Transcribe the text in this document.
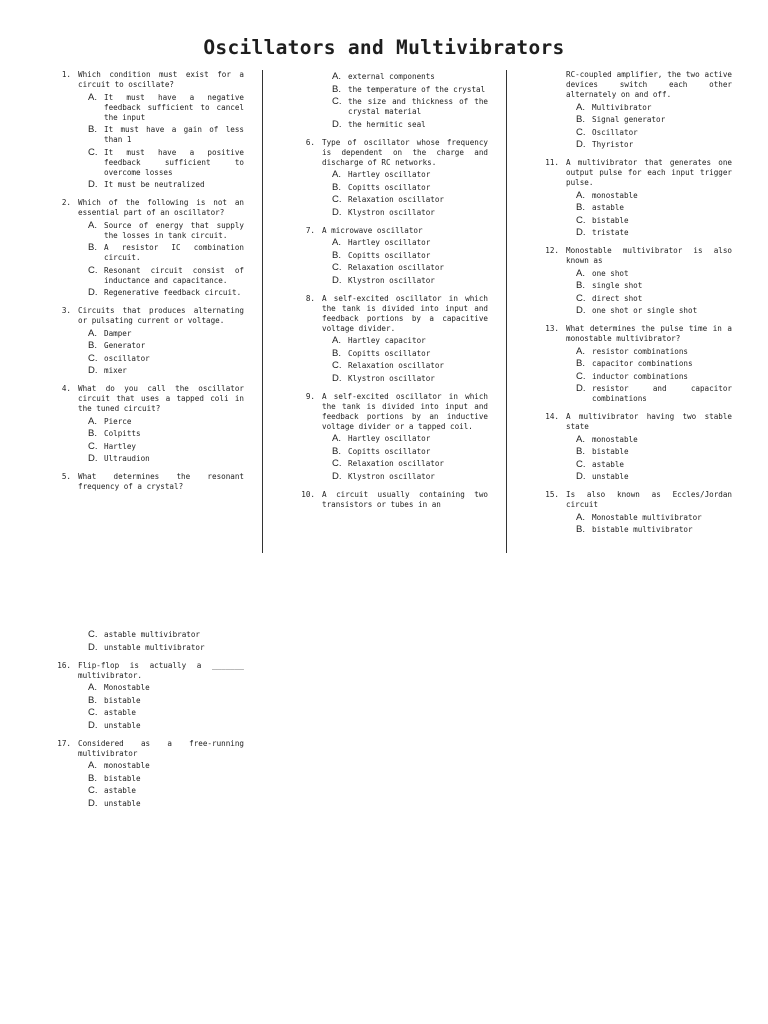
Oscillators and Multivibrators
1. Which condition must exist for a circuit to oscillate?
A. It must have a negative feedback sufficient to cancel the input
B. It must have a gain of less than 1
C. It must have a positive feedback sufficient to overcome losses
D. It must be neutralized
2. Which of the following is not an essential part of an oscillator?
A. Source of energy that supply the losses in tank circuit.
B. A resistor IC combination circuit.
C. Resonant circuit consist of inductance and capacitance.
D. Regenerative feedback circuit.
3. Circuits that produces alternating or pulsating current or voltage.
A. Damper
B. Generator
C. oscillator
D. mixer
4. What do you call the oscillator circuit that uses a tapped coli in the tuned circuit?
A. Pierce
B. Colpitts
C. Hartley
D. Ultraudion
5. What determines the resonant frequency of a crystal?
A. external components
B. the temperature of the crystal
C. the size and thickness of the crystal material
D. the hermitic seal
6. Type of oscillator whose frequency is dependent on the charge and discharge of RC networks.
A. Hartley oscillator
B. Copitts oscillator
C. Relaxation oscillator
D. Klystron oscillator
7. A microwave oscillator
A. Hartley oscillator
B. Copitts oscillator
C. Relaxation oscillator
D. Klystron oscillator
8. A self-excited oscillator in which the tank is divided into input and feedback portions by a capacitive voltage divider.
A. Hartley capacitor
B. Copitts oscillator
C. Relaxation oscillator
D. Klystron oscillator
9. A self-excited oscillator in which the tank is divided into input and feedback portions by an inductive voltage divider or a tapped coil.
A. Hartley oscillator
B. Copitts oscillator
C. Relaxation oscillator
D. Klystron oscillator
10. A circuit usually containing two transistors or tubes in an
RC-coupled amplifier, the two active devices switch each other alternately on and off.
A. Multivibrator
B. Signal generator
C. Oscillator
D. Thyristor
11. A multivibrator that generates one output pulse for each input trigger pulse.
A. monostable
B. astable
C. bistable
D. tristate
12. Monostable multivibrator is also known as
A. one shot
B. single shot
C. direct shot
D. one shot or single shot
13. What determines the pulse time in a monostable multivibrator?
A. resistor combinations
B. capacitor combinations
C. inductor combinations
D. resistor and capacitor combinations
14. A multivibrator having two stable state
A. monostable
B. bistable
C. astable
D. unstable
15. Is also known as Eccles/Jordan circuit
A. Monostable multivibrator
B. bistable multivibrator
C. astable multivibrator
D. unstable multivibrator
16. Flip-flop is actually a _______ multivibrator.
A. Monostable
B. bistable
C. astable
D. unstable
17. Considered as a free-running multivibrator
A. monostable
B. bistable
C. astable
D. unstable
